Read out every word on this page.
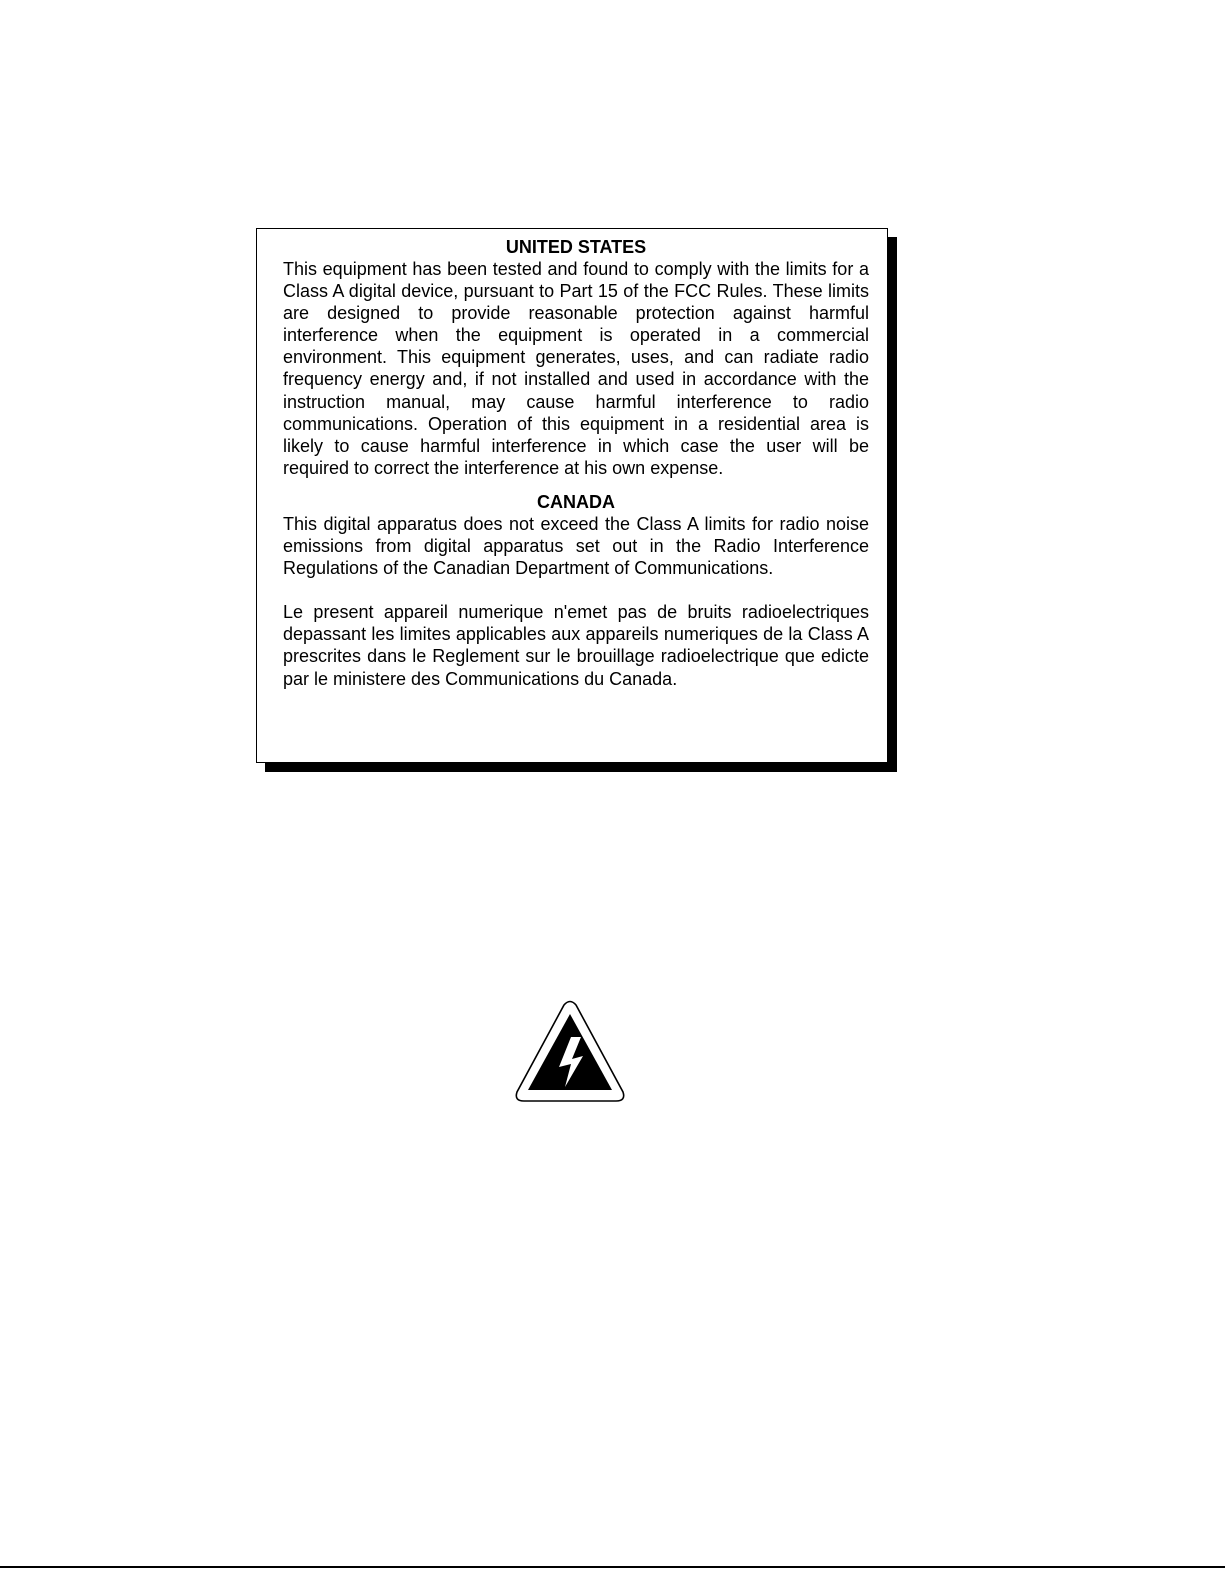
UNITED STATES

This equipment has been tested and found to comply with the limits for a Class A digital device, pursuant to Part 15 of the FCC Rules. These limits are designed to provide reasonable protection against harmful interference when the equipment is operated in a commercial environment. This equipment generates, uses, and can radiate radio frequency energy and, if not installed and used in accordance with the instruction manual, may cause harmful interference to radio communications. Operation of this equipment in a residential area is likely to cause harmful interference in which case the user will be required to correct the interference at his own expense.

CANADA

This digital apparatus does not exceed the Class A limits for radio noise emissions from digital apparatus set out in the Radio Interference Regulations of the Canadian Department of Communications.

Le present appareil numerique n'emet pas de bruits radioelectriques depassant les limites applicables aux appareils numeriques de la Class A prescrites dans le Reglement sur le brouillage radioelectrique que edicte par le ministere des Communications du Canada.
